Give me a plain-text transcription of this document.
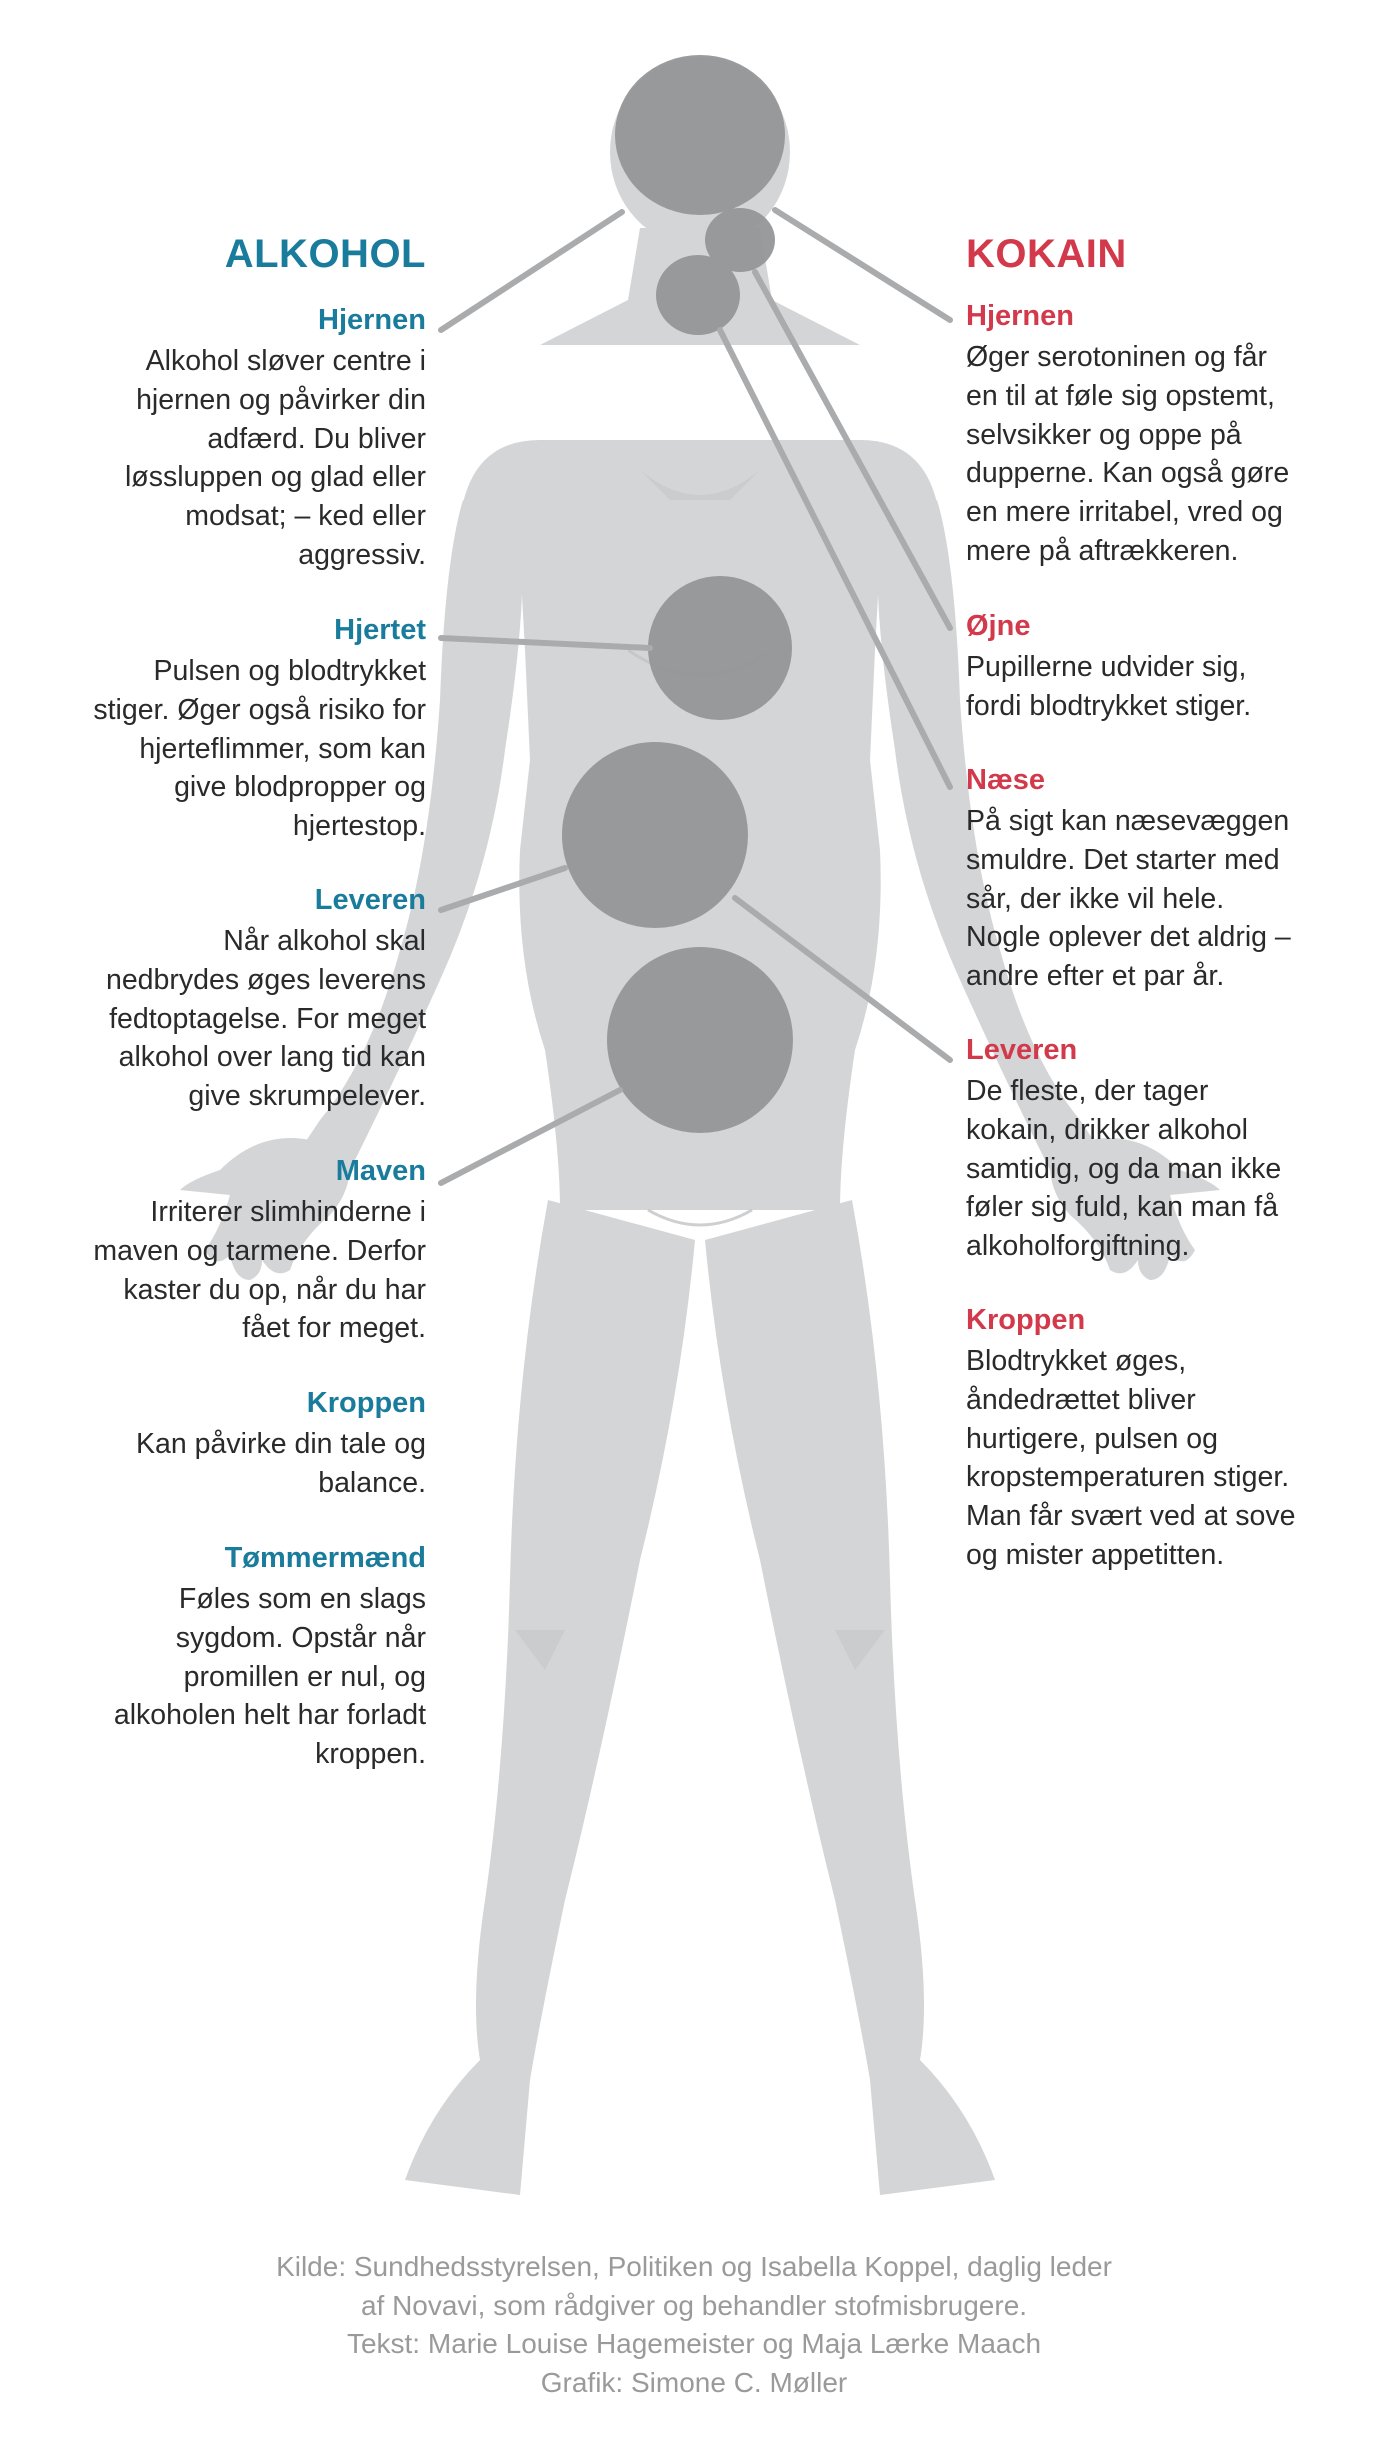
ALKOHOL	KOKAIN
Hjernen

Alkohol sløver centre i
hjernen og påvirker din
adfærd. Du bliver
løssluppen og glad eller
modsat; – ked eller
aggressiv.

Hjertet

Pulsen og blodtrykket
stiger. Øger også risiko for
hjerteflimmer, som kan
give blodpropper og
hjertestop.

Leveren

Når alkohol skal
nedbrydes øges leverens
fedtoptagelse. For meget
alkohol over lang tid kan
give skrumpelever.

Maven

Irriterer slimhinderne i
maven og tarmene. Derfor
kaster du op, når du har
fået for meget.

Kroppen

Kan påvirke din tale og
balance.

Tømmermænd

Føles som en slags
sygdom. Opstår når
promillen er nul, og
alkoholen helt har forladt
kroppen.

Hjernen

Øger serotoninen og får
en til at føle sig opstemt,
selvsikker og oppe på
dupperne. Kan også gøre
en mere irritabel, vred og
mere på aftrækkeren.

Øjne

Pupillerne udvider sig,
fordi blodtrykket stiger.

Næse

På sigt kan næsevæggen
smuldre. Det starter med
sår, der ikke vil hele.
Nogle oplever det aldrig –
andre efter et par år.

Leveren

De fleste, der tager
kokain, drikker alkohol
samtidig, og da man ikke
føler sig fuld, kan man få
alkoholforgiftning.

Kroppen

Blodtrykket øges,
åndedrættet bliver
hurtigere, pulsen og
kropstemperaturen stiger.
Man får svært ved at sove
og mister appetitten.

Kilde: Sundhedsstyrelsen, Politiken og Isabella Koppel, daglig leder
af Novavi, som rådgiver og behandler stofmisbrugere.
Tekst: Marie Louise Hagemeister og Maja Lærke Maach
Grafik: Simone C. Møller
